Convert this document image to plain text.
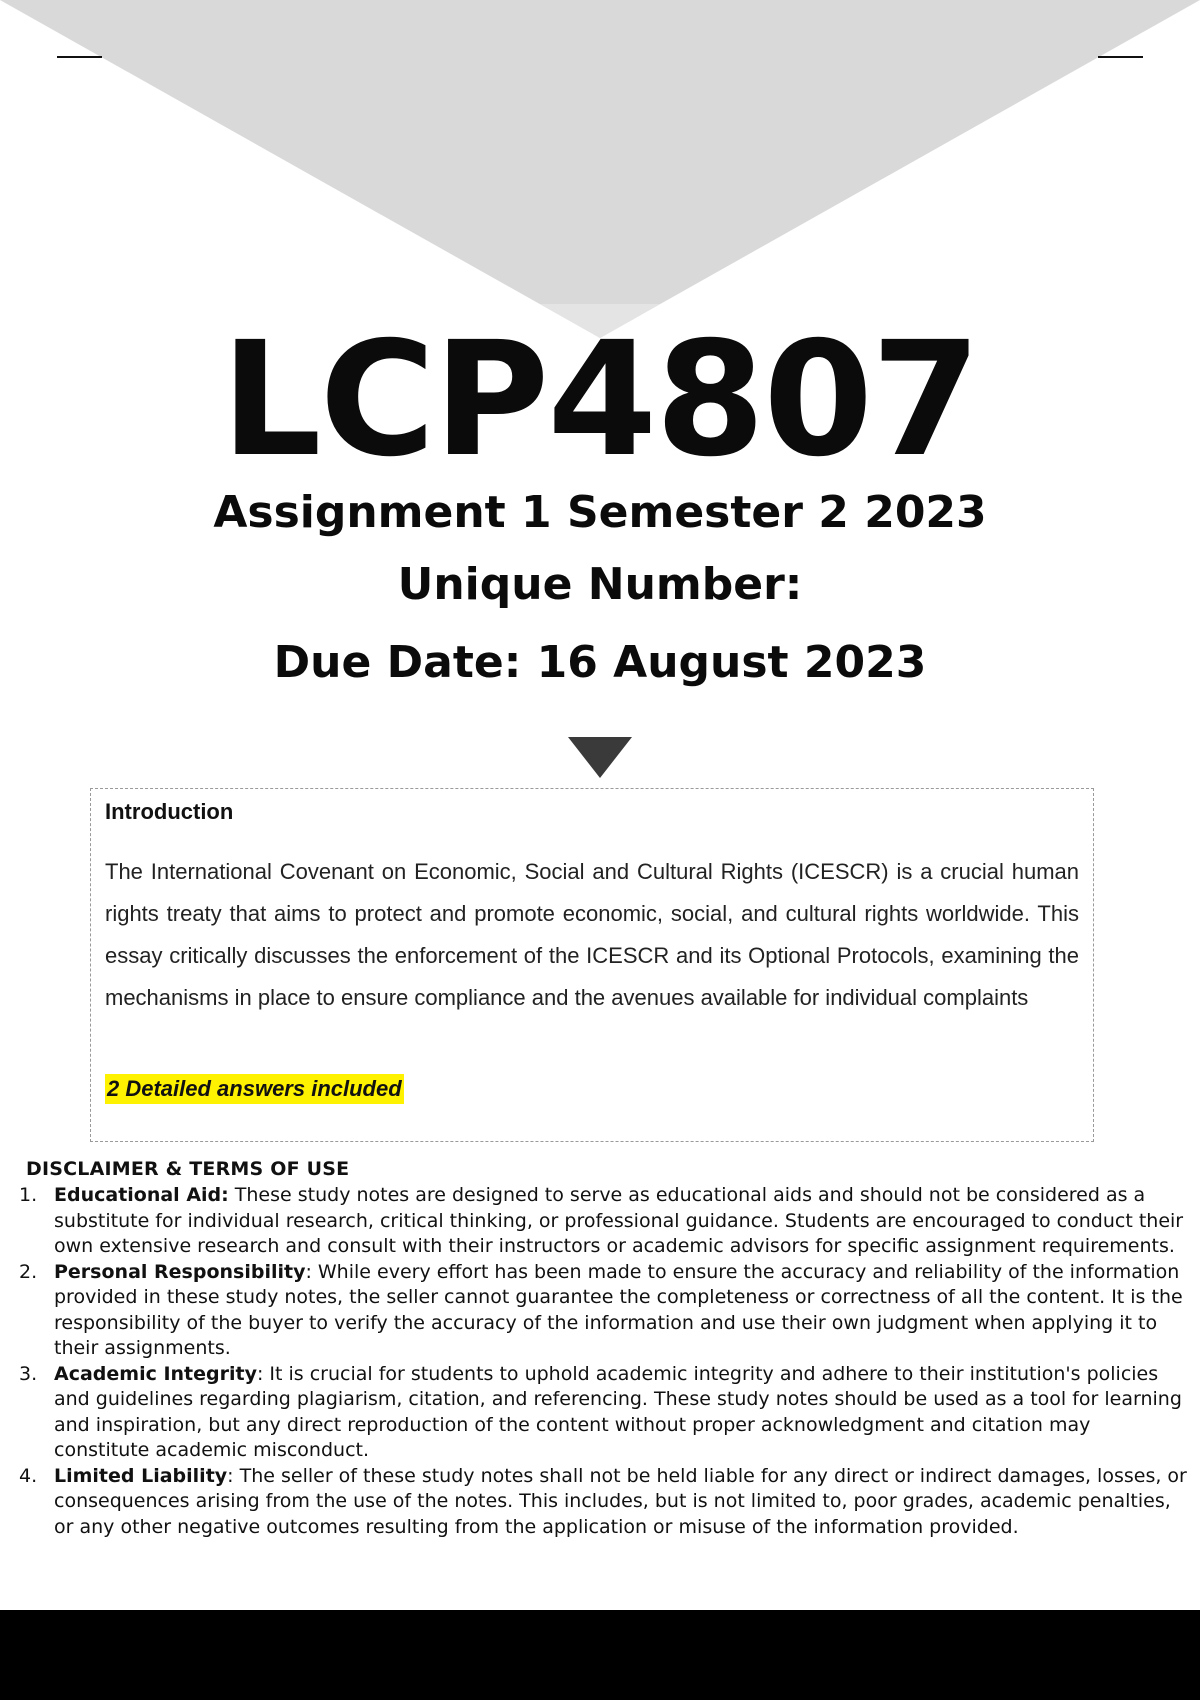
LCP4807
Assignment 1 Semester 2 2023
Unique Number:
Due Date: 16 August 2023
Introduction

The International Covenant on Economic, Social and Cultural Rights (ICESCR) is a crucial human rights treaty that aims to protect and promote economic, social, and cultural rights worldwide. This essay critically discusses the enforcement of the ICESCR and its Optional Protocols, examining the mechanisms in place to ensure compliance and the avenues available for individual complaints

2 Detailed answers included
DISCLAIMER & TERMS OF USE
1. Educational Aid: These study notes are designed to serve as educational aids and should not be considered as a substitute for individual research, critical thinking, or professional guidance. Students are encouraged to conduct their own extensive research and consult with their instructors or academic advisors for specific assignment requirements.
2. Personal Responsibility: While every effort has been made to ensure the accuracy and reliability of the information provided in these study notes, the seller cannot guarantee the completeness or correctness of all the content. It is the responsibility of the buyer to verify the accuracy of the information and use their own judgment when applying it to their assignments.
3. Academic Integrity: It is crucial for students to uphold academic integrity and adhere to their institution's policies and guidelines regarding plagiarism, citation, and referencing. These study notes should be used as a tool for learning and inspiration, but any direct reproduction of the content without proper acknowledgment and citation may constitute academic misconduct.
4. Limited Liability: The seller of these study notes shall not be held liable for any direct or indirect damages, losses, or consequences arising from the use of the notes. This includes, but is not limited to, poor grades, academic penalties, or any other negative outcomes resulting from the application or misuse of the information provided.
